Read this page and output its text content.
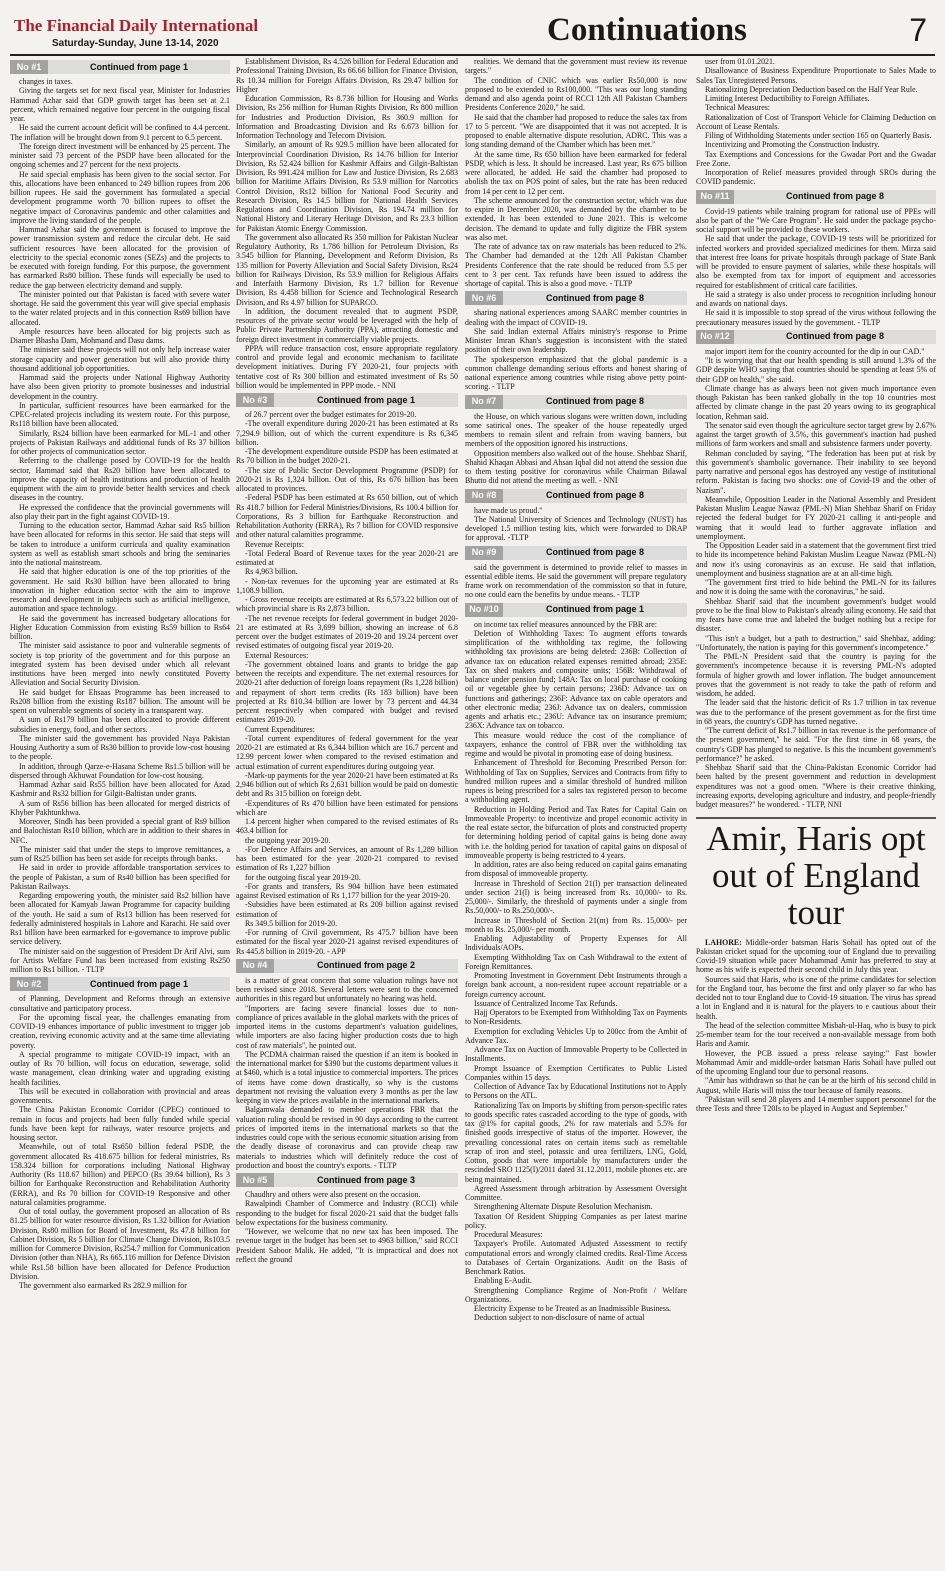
The Financial Daily International
Saturday-Sunday, June 13-14, 2020	Continuations	7
No #1	Continued from page 1

changes in taxes.

Giving the targets set for next fiscal year, Minister for Industries Hammad Azhar said that GDP growth target has been set at 2.1 percent, which remained negative four percent in the outgoing fiscal year.

He said the current account deficit will be confined to 4.4 percent. The inflation will be brought down from 9.1 percent to 6.5 percent.

The foreign direct investment will be enhanced by 25 percent. The minister said 73 percent of the PSDP have been allocated for the ongoing schemes and 27 percent for the next projects.

He said special emphasis has been given to the social sector. For this, allocations have been enhanced to 249 billion rupees from 206 billion rupees. He said the government has formulated a special development programme worth 70 billion rupees to offset the negative impact of Coronavirus pandemic and other calamities and improve the living standard of the people.

Hammad Azhar said the government is focused to improve the power transmission system and reduce the circular debt. He said sufficient resources have been allocated for the provision of electricity to the special economic zones (SEZs) and the projects to be executed with foreign funding. For this purpose, the government has earmarked Rs80 billion. These funds will especially be used to reduce the gap between electricity demand and supply.

The minister pointed out that Pakistan is faced with severe water shortage. He said the government this year will give special emphasis to the water related projects and in this connection Rs69 billion have allocated.

Ample resources have been allocated for big projects such as Diamer Bhasha Dam, Mohmand and Dasu dams.

The minister said these projects will not only help increase water storage capacity and power generation but will also provide thirty thousand additional job opportunities.

Hammad said the projects under National Highway Authority have also been given priority to promote businesses and industrial development in the country.

In particular, sufficient resources have been earmarked for the CPEC-related projects including its western route. For this purpose, Rs118 billion have been allocated.

Similarly, Rs24 billion have been earmarked for ML-1 and other projects of Pakistan Railways and additional funds of Rs 37 billion for other projects of communication sector.

Referring to the challenge posed by COVID-19 for the health sector, Hammad said that Rs20 billion have been allocated to improve the capacity of health institutions and production of health equipment with the aim to provide better health services and check diseases in the country.

He expressed the confidence that the provincial governments will also play their part in the fight against COVID-19.

Turning to the education sector, Hammad Azhar said Rs5 billion have been allocated for reforms in this sector. He said that steps will be taken to introduce a uniform curricula and quality examination system as well as establish smart schools and bring the seminaries into the national mainstream.

He said that higher education is one of the top priorities of the government. He said Rs30 billion have been allocated to bring innovation in higher education sector with the aim to improve research and development in subjects such as artificial intelligence, automation and space technology.

He said the government has increased budgetary allocations for Higher Education Commission from existing Rs59 billion to Rs64 billion.

The minister said assistance to poor and vulnerable segments of society is top priority of the government and for this purpose an integrated system has been devised under which all relevant institutions have been merged into newly constituted Poverty Alleviation and Social Security Division.

He said budget for Ehsaas Programme has been increased to Rs208 billion from the existing Rs187 billion. The amount will be spent on vulnerable segments of society in a transparent way.

A sum of Rs179 billion has been allocated to provide different subsidies in energy, food, and other sectors.

The minister said the government has provided Naya Pakistan Housing Authority a sum of Rs30 billion to provide low-cost housing to the people.

In addition, through Qarze-e-Hasana Scheme Rs1.5 billion will be dispersed through Akhuwat Foundation for low-cost housing.

Hammad Azhar said Rs55 billion have been allocated for Azad Kashmir and Rs32 billion for Gilgit-Baltistan under grants.

A sum of Rs56 billion has been allocated for merged districts of Khyber Pakhtunkhwa.

Moreover, Sindh has been provided a special grant of Rs9 billion and Balochistan Rs10 billion, which are in addition to their shares in NFC.

The minister said that under the steps to improve remittances, a sum of Rs25 billion has been set aside for receipts through banks.

He said in order to provide affordable transportation services to the people of Pakistan, a sum of Rs40 billion has been specified for Pakistan Railways.

Regarding empowering youth, the minister said Rs2 billion have been allocated for Kamyab Jawan Programme for capacity building of the youth. He said a sum of Rs13 billion has been reserved for federally administered hospitals in Lahore and Karachi. He said over Rs1 billion have been earmarked for e-governance to improve public service delivery.

The minister said on the suggestion of President Dr Arif Alvi, sum for Artists Welfare Fund has been increased from existing Rs250 million to Rs1 billion. - TLTP

No #2	Continued from page 1

of Planning, Development and Reforms through an extensive consultative and participatory process.

For the upcoming fiscal year, the challenges emanating from COVID-19 enhances importance of public investment to trigger job creation, reviving economic activity and at the same time alleviating poverty.

A special programme to mitigate COVID-19 impact, with an outlay of Rs 70 billion, will focus on education, sewerage, solid waste management, clean drinking water and upgrading existing health facilities.

This will be executed in collaboration with provincial and areas governments.

The China Pakistan Economic Corridor (CPEC) continued to remain in focus and projects had been fully funded while special funds have been kept for railways, water resource projects and housing sector.

Meanwhile, out of total Rs650 billion federal PSDP, the government allocated Rs 418.675 billion for federal ministries, Rs 158.324 billion for corporations including National Highway Authority (Rs 118.67 billion) and PEPCO (Rs 39.64 billion), Rs 3 billion for Earthquake Reconstruction and Rehabilitation Authority (ERRA), and Rs 70 billion for COVID-19 Responsive and other natural calamities programme.

Out of total outlay, the government proposed an allocation of Rs 81.25 billion for water resource division, Rs 1.32 billion for Aviation Division, Rs80 million for Board of Investment, Rs 47.8 billion for Cabinet Division, Rs 5 billion for Climate Change Division, Rs103.5 million for Commerce Division, Rs254.7 million for Communication Division (other than NHA), Rs 665.116 million for Defence Division while Rs1.58 billion have been allocated for Defence Production Division.

The government also earmarked Rs 282.9 million for

Establishment Division, Rs 4.526 billion for Federal Education and Professional Training Division, Rs 66.66 billion for Finance Division, Rs 10.34 million for Foreign Affairs Division, Rs 29.47 billion for Higher

Education Commission, Rs 8.736 billion for Housing and Works Division, Rs 256 million for Human Rights Division, Rs 800 million for Industries and Production Division, Rs 360.9 million for Information and Broadcasting Division and Rs 6.673 billion for Information Technology and Telecom Division.

Similarly, an amount of Rs 929.5 million have been allocated for Interprovincial Coordination Division, Rs 14.76 billion for Interior Division, Rs 52.424 billion for Kashmir Affairs and Gilgit-Baltistan Division, Rs 991.424 million for Law and Justice Division, Rs 2.683 billion for Maritime Affairs Division, Rs 53.9 million for Narcotics Control Division, Rs12 billion for National Food Security and Research Division, Rs 14.5 billion for National Health Services Regulations and Coordination Division, Rs 194.74 million for National History and Literary Heritage Division, and Rs 23.3 billion for Pakistan Atomic Energy Commission.

The government also allocated Rs 350 million for Pakistan Nuclear Regulatory Authority, Rs 1.786 billion for Petroleum Division, Rs 3.545 billion for Planning, Development and Reform Division, Rs 135 million for Poverty Alleviation and Social Safety Division, Rs24 billion for Railways Division, Rs 53.9 million for Religious Affairs and Interfaith Harmony Division, Rs 1.7 billion for Revenue Division, Rs 4.458 billion for Science and Technological Research Division, and Rs 4.97 billion for SUPARCO.

In addition, the document revealed that to augment PSDP, resources of the private sector would be leveraged with the help of Public Private Partnership Authority (PPA), attracting domestic and foreign direct investment in commercially viable projects.

PPPA will reduce transaction cost, ensure appropriate regulatory control and provide legal and economic mechanism to facilitate development initiatives. During FY 2020-21, four projects with tentative cost of Rs 300 billion and estimated investment of Rs 50 billion would be implemented in PPP mode. - NNI

No #3	Continued from page 1

of 26.7 percent over the budget estimates for 2019-20.

-The overall expenditure during 2020-21 has been estimated at Rs 7,294.9 billion, out of which the current expenditure is Rs 6,345 billion.

-The development expenditure outside PSDP has been estimated at Rs 70 billion in the budget 2020-21.

-The size of Public Sector Development Programme (PSDP) for 2020-21 is Rs 1,324 billion. Out of this, Rs 676 billion has been allocated to provinces.

-Federal PSDP has been estimated at Rs 650 billion, out of which Rs 418.7 billion for Federal Ministries/Divisions, Rs 100.4 billion for Corporations, Rs 3 billion for Earthquake Reconstruction and Rehabilitation Authority (ERRA), Rs 7 billion for COVID responsive and other natural calamities programme.

Revenue Receipts:

-Total Federal Board of Revenue taxes for the year 2020-21 are estimated at

Rs 4,963 billion.

- Non-tax revenues for the upcoming year are estimated at Rs 1,108.9 billion.

- Gross revenue receipts are estimated at Rs 6,573.22 billion out of which provincial share is Rs 2,873 billion.

-The net revenue receipts for federal government in budget 2020-21 are estimated at Rs 3,699 billion, showing an increase of 6.8 percent over the budget estimates of 2019-20 and 19.24 percent over revised estimates of outgoing fiscal year 2019-20.

External Resources:

-The government obtained loans and grants to bridge the gap between the receipts and expenditure. The net external resources for 2020-21 after deduction of foreign loans repayment (Rs 1,228 billion) and repayment of short term credits (Rs 183 billion) have been projected at Rs 810.34 billion are lower by 73 percent and 44.34 percent respectively when compared with budget and revised estimates 2019-20.

Current Expenditures:

-Total current expenditures of federal government for the year 2020-21 are estimated at Rs 6,344 billion which are 16.7 percent and 12.99 percent lower when compared to the revised estimation and actual estimation of current expenditures during outgoing year.

-Mark-up payments for the year 2020-21 have been estimated at Rs 2,946 billion out of which Rs 2,631 billion would be paid on domestic debt and Rs 315 billion on foreign debt.

-Expenditures of Rs 470 billion have been estimated for pensions which are

1.4 percent higher when compared to the revised estimates of Rs 463.4 billion for

the outgoing year 2019-20.

-For Defence Affairs and Services, an amount of Rs 1,289 billion has been estimated for the year 2020-21 compared to revised estimation of Rs 1,227 billion

for the outgoing fiscal year 2019-20.

-For grants and transfers, Rs 904 billion have been estimated against Revised estimation of Rs 1,177 billion for the year 2019-20.

-Subsidies have been estimated at Rs 209 billion against revised estimation of

Rs 349.5 billion for 2019-20.

-For running of Civil government, Rs 475.7 billion have been estimated for the fiscal year 2020-21 against revised expenditures of Rs 445.8 billion in 2019-20. - APP

No #4	Continued from page 2

is a matter of great concern that some valuation rulings have not been revised since 2018. Several letters were sent to the concerned authorities in this regard but unfortunately no hearing was held.

"Importers are facing severe financial losses due to non-compliance of prices available in the global markets with the prices of imported items in the customs department's valuation guidelines, while importers are also facing higher production costs due to high cost of raw materials", he pointed out.

The PCDMA chairman raised the question if an item is booked in the international market for $390 but the customs department values it at $460, which is a total injustice to commercial importers. The prices of items have come down drastically, so why is the customs department not revising the valuation every 3 months as per the law keeping in view the prices available in the international markets.

Balgamwala demanded to member operations FBR that the valuation ruling should be revised in 90 days according to the current prices of imported items in the international markets so that the industries could cope with the serious economic situation arising from the deadly disease of coronavirus and can provide cheap raw materials to industries which will definitely reduce the cost of production and boost the country's exports. - TLTP

No #5	Continued from page 3

Chaudhry and others were also present on the occasion.

Rawalpindi Chamber of Commerce and Industry (RCCI) while responding to the budget for fiscal 2020-21 said that the budget falls below expectations for the business community.

"However, we welcome that no new tax has been imposed. The revenue target in the budget has been set to 4963 billion," said RCCI President Saboor Malik. He added, "It is impractical and does not reflect the ground

realities. We demand that the government must review its revenue targets."

The condition of CNIC which was earlier Rs50,000 is now proposed to be extended to Rs100,000. "This was our long standing demand and also agenda point of RCCI 12th All Pakistan Chambers Presidents Conference 2020," he said.

He said that the chamber had proposed to reduce the sales tax from 17 to 5 percent. "We are disappointed that it was not accepted. It is proposed to enable alternative dispute resolution, ADRC. This was a long standing demand of the Chamber which has been met."

At the same time, Rs 650 billion have been earmarked for federal PSDP, which is less. It should be increased. Last year, Rs 675 billion were allocated, he added. He said the chamber had proposed to abolish the tax on POS point of sales, but the rate has been reduced from 14 per cent to 12 per cent.

The scheme announced for the construction sector, which was due to expire in December 2020, was demanded by the chamber to be extended. It has been extended to June 2021. This is welcome decision. The demand to update and fully digitize the FBR system was also met.

The rate of advance tax on raw materials has been reduced to 2%. The Chamber had demanded at the 12th All Pakistan Chamber Presidents Conference that the rate should be reduced from 5.5 per cent to 3 per cent. Tax refunds have been issued to address the shortage of capital. This is also a good move. - TLTP

No #6	Continued from page 8

sharing national experiences among SAARC member countries in dealing with the impact of COVID-19.

She said Indian external Affairs ministry's response to Prime Minister Imran Khan's suggestion is inconsistent with the stated position of their own leadership.

The spokesperson emphasized that the global pandemic is a common challenge demanding serious efforts and honest sharing of national experience among countries while rising above petty point-scoring. - TLTP

No #7	Continued from page 8

the House, on which various slogans were written down, including some satirical ones. The speaker of the house repeatedly urged members to remain silent and refrain from waving banners, but members of the opposition ignored his instructions.

Opposition members also walked out of the house. Shehbaz Sharif, Shahid Khaqan Abbasi and Ahsan Iqbal did not attend the session due to them testing positive for coronavirus while Chairman Bilawal Bhutto did not attend the meeting as well. - NNI

No #8	Continued from page 8

have made us proud."

The National University of Sciences and Technology (NUST) has developed 1.5 million testing kits, which were forwarded to DRAP for approval. -TLTP

No #9	Continued from page 8

said the government is determined to provide relief to masses in essential edible items. He said the government will prepare regulatory frame work on recommendation of the commission so that in future, no one could earn the benefits by undue means. - TLTP

No #10	Continued from page 1

on income tax relief measures announced by the FBR are:

Deletion of Withholding Taxes: To augment efforts towards simplification of the withholding tax regime, the following withholding tax provisions are being deleted: 236B: Collection of advance tax on education related expenses remitted abroad; 235E: Tax on shed makers and composite units; 156B: Withdrawal of balance under pension fund; 148A: Tax on local purchase of cooking oil or vegetable ghee by certain persons; 236D: Advance tax on functions and gatherings; 236F: Advance tax on cable operators and other electronic media; 236J: Advance tax on dealers, commission agents and arhatis etc.; 236U: Advance tax on insurance premium; 236X: Advance tax on tobacco.

This measure would reduce the cost of the compliance of taxpayers, enhance the control of FBR over the withholding tax regime and would be pivotal in promoting ease of doing business.

Enhancement of Threshold for Becoming Prescribed Person for: Withholding of Tax on Supplies, Services and Contracts from fifty to hundred million rupees and a similar threshold of hundred million rupees is being prescribed for a sales tax registered person to become a withholding agent.

Reduction in Holding Period and Tax Rates for Capital Gain on Immoveable Property: to incentivize and propel economic activity in the real estate sector, the bifurcation of plots and constructed property for determining holding period of capital gains is being done away with i.e. the holding period for taxation of capital gains on disposal of immoveable property is being restricted to 4 years.

In addition, rates are also being reduced on capital gains emanating from disposal of immoveable property.

Increase in Threshold of Section 21(l) per transaction delineated under section 21(l) is being increased from Rs. 10,000/- to Rs. 25,000/-. Similarly, the threshold of payments under a single from Rs.50,000/- to Rs.250,000/-.

Increase in Threshold of Section 21(m) from Rs. 15,000/- per month to Rs. 25,000/- per month.

Enabling Adjustability of Property Expenses for All Individuals/AOPs.

Exempting Withholding Tax on Cash Withdrawal to the extent of Foreign Remittances.

Promoting Investment in Government Debt Instruments through a foreign bank account, a non-resident rupee account repatriable or a foreign currency account.

Issuance of Centralized Income Tax Refunds.

Hajj Operators to be Exempted from Withholding Tax on Payments to Non-Residents.

Exemption for excluding Vehicles Up to 200cc from the Ambit of Advance Tax.

Advance Tax on Auction of Immovable Property to be Collected in Installments.

Prompt Issuance of Exemption Certificates to Public Listed Companies within 15 days.

Collection of Advance Tax by Educational Institutions not to Apply to Persons on the ATL.

Rationalizing Tax on Imports by shifting from person-specific rates to goods specific rates cascaded according to the type of goods, with tax @1% for capital goods, 2% for raw materials and 5.5% for finished goods irrespective of status of the importer. However, the prevailing concessional rates on certain items such as remeltable scrap of iron and steel, potassic and urea fertilizers, LNG, Gold, Cotton, goods that were importable by manufacturers under the rescinded SRO 1125(I)/2011 dated 31.12.2011, mobile phones etc. are being maintained.

Agreed Assessment through arbitration by Assessment Oversight Committee.

Strengthening Alternate Dispute Resolution Mechanism.

Taxation Of Resident Shipping Companies as per latest marine policy.

Procedural Measures:

Taxpayer's Profile. Automated Adjusted Assessment to rectify computational errors and wrongly claimed credits. Real-Time Access to Databases of Certain Organizations. Audit on the Basis of Benchmark Ratios.

Enabling E-Audit.

Strengthening Compliance Regime of Non-Profit / Welfare Organizations.

Electricity Expense to be Treated as an Inadmissible Business.

Deduction subject to non-disclosure of name of actual

user from 01.01.2021.

Disallowance of Business Expenditure Proportionate to Sales Made to Sales Tax Unregistered Persons.

Rationalizing Depreciation Deduction based on the Half Year Rule.

Limiting Interest Deductibility to Foreign Affiliates.

Technical Measures:

Rationalization of Cost of Transport Vehicle for Claiming Deduction on Account of Lease Rentals.

Filing of Withholding Statements under section 165 on Quarterly Basis.

Incentivizing and Promoting the Construction Industry.

Tax Exemptions and Concessions for the Gwadar Port and the Gwadar Free Zone.

Incorporation of Relief measures provided through SROs during the COVID pandemic.

No #11	Continued from page 8

Covid-19 patients while training program for rational use of PPEs will also be part of the "We Care Program". He said under the package psycho-social support will be provided to these workers.

He said that under the package, COVID-19 tests will be prioritized for infected workers and provided specialized medicines for them. Mirza said that interest free loans for private hospitals through package of State Bank will be provided to ensure payment of salaries, while these hospitals will also be exempted from tax for import of equipment and accessories required for establishment of critical care facilities.

He said a strategy is also under process to recognition including honour and awards on national days.

He said it is impossible to stop spread of the virus without following the precautionary measures issued by the government. - TLTP

No #12	Continued from page 8

major import item for the country accounted for the dip in our CAD."

"It is worrying that that our health spending is still around 1.3% of the GDP despite WHO saying that countries should be spending at least 5% of their GDP on health," she said.

Climate change has as always been not given much importance even though Pakistan has been ranked globally in the top 10 countries most affected by climate change in the past 20 years owing to its geographical location, Rehman said.

The senator said even though the agriculture sector target grew by 2.67% against the target growth of 3.5%, this government's inaction had pushed millions of farm workers and small and subsistence farmers under poverty.

Rehman concluded by saying, "The federation has been put at risk by this government's shambolic governance. Their inability to see beyond party narrative and personal egos has destroyed any vestige of institutional reform. Pakistan is facing two shocks: one of Covid-19 and the other of Nazism".

Meanwhile, Opposition Leader in the National Assembly and President Pakistan Muslim League Nawaz (PML-N) Mian Shehbaz Sharif on Friday rejected the federal budget for FY 2020-21 calling it anti-people and warning that it would lead to further aggravate inflation and unemployment.

The Opposition Leader said in a statement that the government first tried to hide its incompetence behind Pakistan Muslim League Nawaz (PML-N) and now it's using coronavirus as an excuse. He said that inflation, unemployment and business stagnation are at an all-time high.

"The government first tried to hide behind the PML-N for its failures and now it is doing the same with the coronavirus," he said.

Shehbaz Sharif said that the incumbent government's budget would prove to be the final blow to Pakistan's already ailing economy. He said that my fears have come true and labeled the budget nothing but a recipe for disaster.

"This isn't a budget, but a path to destruction," said Shehbaz, adding: "Unfortunately, the nation is paying for this government's incompetence."

The PML-N President said that the country is paying for the government's incompetence because it is reversing PML-N's adopted formula of higher growth and lower inflation. The budget announcement proves that the government is not ready to take the path of reform and wisdom, he added.

The leader said that the historic deficit of Rs 1.7 trillion in tax revenue was due to the performance of the present government as for the first time in 68 years, the country's GDP has turned negative.

"The current deficit of Rs1.7 billion in tax revenue is the performance of the present government," he said. "For the first time in 68 years, the country's GDP has plunged to negative. Is this the incumbent government's performance?" he asked.

Shehbaz Sharif said that the China-Pakistan Economic Corridor had been halted by the present government and reduction in development expenditures was not a good omen. "Where is their creative thinking, increasing exports, developing agriculture and industry, and people-friendly budget measures?" he wondered. - TLTP, NNI

Amir, Haris opt out of England tour

LAHORE: Middle-order batsman Haris Sohail has opted out of the Pakistan cricket squad for the upcoming tour of England due to prevailing Covid-19 situation while pacer Mohammad Amir has preferred to stay at home as his wife is expected their second child in July this year.

Sources said that Haris, who is one of the prime candidates for selection for the England tour, has become the first and only player so far who has decided not to tour England due to Covid-19 situation. The virus has spread a lot in England and it is natural for the players to e cautious about their health.

The head of the selection committee Misbah-ul-Haq, who is busy to pick 25-member team for the tour received a non-available message from both Haris and Aamir.

However, the PCB issued a press release saying:" Fast bowler Mohammad Amir and middle-order batsman Haris Sohail have pulled out of the upcoming England tour due to personal reasons.

"Amir has withdrawn so that he can be at the birth of his second child in August, while Haris will miss the tour because of family reasons.

"Pakistan will send 28 players and 14 member support personnel for the three Tests and three T20Is to be played in August and September."
